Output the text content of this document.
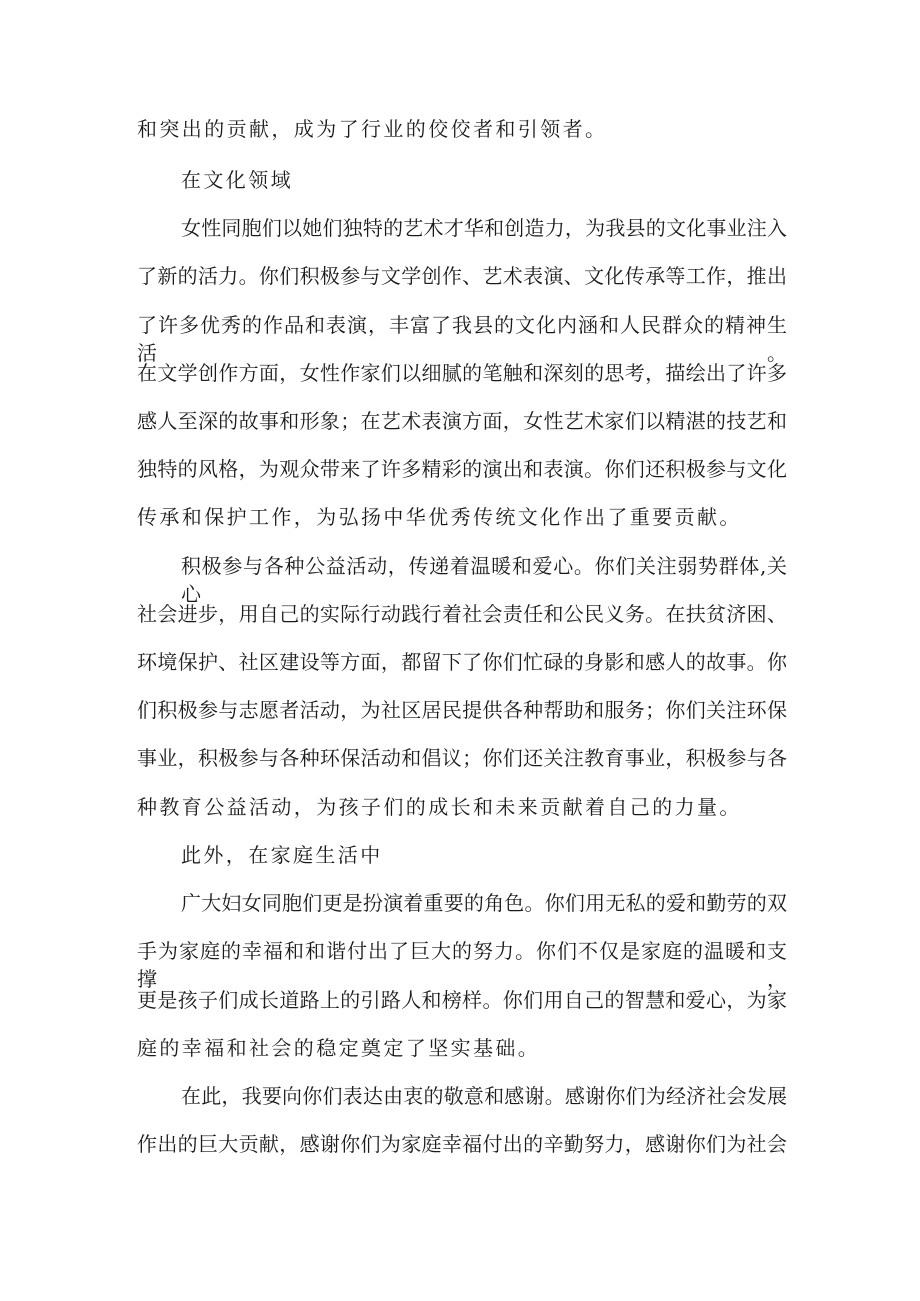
和突出的贡献，成为了行业的佼佼者和引领者。
在文化领域
女性同胞们以她们独特的艺术才华和创造力，为我县的文化事业注入
了新的活力。你们积极参与文学创作、艺术表演、文化传承等工作，推出
了许多优秀的作品和表演，丰富了我县的文化内涵和人民群众的精神生活。
在文学创作方面，女性作家们以细腻的笔触和深刻的思考，描绘出了许多
感人至深的故事和形象；在艺术表演方面，女性艺术家们以精湛的技艺和
独特的风格，为观众带来了许多精彩的演出和表演。你们还积极参与文化
传承和保护工作，为弘扬中华优秀传统文化作出了重要贡献。
积极参与各种公益活动，传递着温暖和爱心。你们关注弱势群体,关心
社会进步，用自己的实际行动践行着社会责任和公民义务。在扶贫济困、
环境保护、社区建设等方面，都留下了你们忙碌的身影和感人的故事。你
们积极参与志愿者活动，为社区居民提供各种帮助和服务；你们关注环保
事业，积极参与各种环保活动和倡议；你们还关注教育事业，积极参与各
种教育公益活动，为孩子们的成长和未来贡献着自己的力量。
此外，在家庭生活中
广大妇女同胞们更是扮演着重要的角色。你们用无私的爱和勤劳的双
手为家庭的幸福和和谐付出了巨大的努力。你们不仅是家庭的温暖和支撑，
更是孩子们成长道路上的引路人和榜样。你们用自己的智慧和爱心，为家
庭的幸福和社会的稳定奠定了坚实基础。
在此，我要向你们表达由衷的敬意和感谢。感谢你们为经济社会发展
作出的巨大贡献，感谢你们为家庭幸福付出的辛勤努力，感谢你们为社会
